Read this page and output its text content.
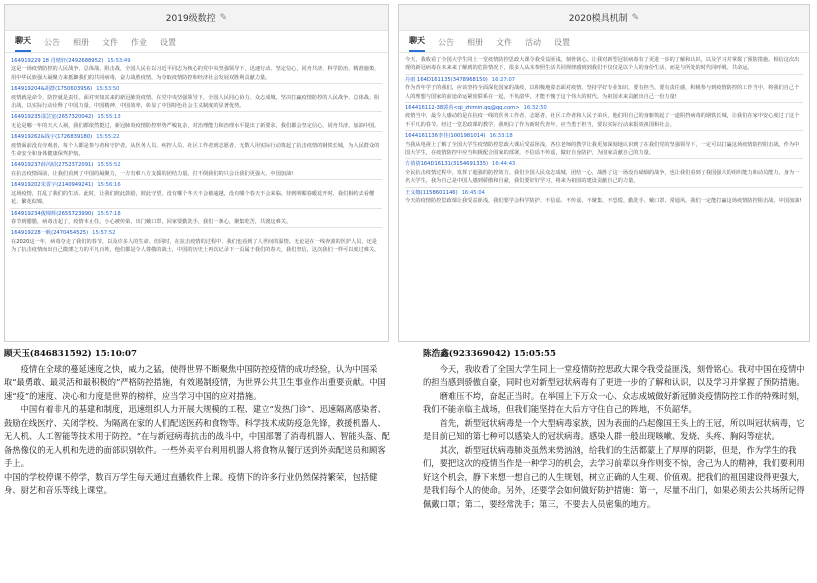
2019级数控 ✎
聊天 公告 相册 文件 作业 设置
164919229 18 肖晴轩(2492688952) 15:53:49
这是一场疫情防控的人民战争、总体战、阻击战，全国人民在以习近平同志为核心的党中央坚强领导下，迅速行动、坚定信心，同舟共济、科学防治、精准施策，用中华民族强大凝聚力来抵御我们的共同病毒，奋力战胜疫情，为夺取疫情防控和经济社会发展双胜利贡献力量。
164919204&胡群(1750603956) 15:53:50
疫情就是命令，防控就是责任。面对突如其来的新冠肺炎疫情，在党中央坚强领导下，全国人民同心协力、众志成城，坚决打赢疫情防控的人民战争、总体战、阻击战，以实际行动诠释了中国力量、中国精神、中国效率，彰显了中国特色社会主义制度的显著优势。
164919235邵芸宽(2657320042) 15:55:13
无论是哪一年的天大人祸，我们都依然挺过，新冠肺炎疫情防控形势严峻复杂，对治理能力和治理水平提出了新要求，我们都会坚定信心，同舟共济。加油中国。
164919262&钱宇(1726839180) 15:55:22
疫情面前没有旁观者，每个人都是参与者和守护者。从医务人员、疾控人员、社区工作者到志愿者，无数人用实际行动筑起了抗击疫情的钢铁长城，为人民群众的生命安全和身体健康保驾护航。
164919237薛芮昭(2752372091) 15:55:52
在抗击疫情面前，让我们看到了中国的凝聚力，一方有难八方支援的团结力量。打不倒我们的只会让我们更强大，中国加油!
164919202朱霄宇(2140949241) 15:56:16
这场疫情，打乱了我们的生活。此时，让我们彼此鼓励，彼此守望，没有哪个冬天不会被逾越，没有哪个春天不会来临。待到明媚春暖花开时，我们相约去看樱花、繁花似锦。
164919234俊锦辉(2655723990) 15:57:18
春节到腊腊，病毒击起了，疫情本止住。小心被传染，出门戴口罩，回家要勤洗手，我们一条心，聚集吃苦，共渡这难关。
164919228一帆(2470454525) 15:57:52
在2020这一年，病毒夺走了我们的春节，以及许多人的生命。但同时，在抗击疫情的过程中，我们也看到了人世间的温情。无论是在一线奔波的医护人员，还是为了抗击疫情而出自己微薄之力的平凡百姓，他们都是令人尊敬的战士，中国的历史上再次记录下一页属于我们的春天，我们坚信，这次我们一样可以度过难关。
2020模具机制 ✎
聊天 公告 相册 文件 活动 设置
今天，我收看了全国大学生同上一堂疫情防控思政大课令我受益匪浅，刻骨铭心。让我对新型冠状病毒有了更进一步的了解和认识，以及学习并掌握了预防措施。相信这次出现的新冠病毒在未来来了解到的危险情况下，很多人从未参照生活共同规律感到到我们不仅仅是以个人的身份生活，而是与所处的时代同呼吸、共命运。
丹雨 164D161135(3478968150) 16:27:07
作为青年学子的我们，应该坚持全面深化国家的战疫，以积极地姿态面对疫情，坚持学好专业知识，要有担当、要有责任感，积极参与到疫情防控的工作当中，将我们自己个人的理想与国家的前途命运紧密联系在一起，不负韶华，才能不愧于这个伟大的时代，为祖国未来贡献出自己一份力量!
164416112-38郭芮<qi_zhimin.qq@qq.com> 16:32:50
疫情当中，最令人感动的是在抗疫一线的医务工作者、志愿者、社区工作者和人民子弟兵，他们用自己的身躯筑起了一道阻挡病毒的钢铁长城，让我们在家中安心度过了这个不平凡的春节。经过一堂思政课的教学，我明白了作为新时代青年，应当勇于担当，要以实际行动来报效祖国和社会。
1644161136李佳(1001981014) 16:33:18
当我从电视上了解了全国大学生疫情防控思政大课后受益匪浅，各位老师的教学让我更加深刻地认识到了在我们党的坚强领导下，一定可以打赢这场疫情防控阻击战。作为中国大学生，在疫情防控中应当积极配合国家的部署，不信谣不传谣，做好自身防护，为国家贡献自己的力量。
方倩倩164D16131(3154691335) 16:44:43
全民抗击疫情过程中，发挥了超强的防控效力。我们全国人民众志成城，团结一心，战胜了这一场没有硝烟的战争，也让我们看到了我国强大的组织能力和动员能力，身为一名大学生，我为自己是中国人感到骄傲和自豪，我们要好好学习，将来为祖国的建设贡献自己的力量。
王义娜(1158601146) 16:45:04
今天的疫情防控思政课让我受益匪浅，我们要学会科学防护、不信谣、不传谣，不聚集、不恐慌、勤洗手、戴口罩、常通风，我们一定能打赢这场疫情防控阻击战，中国加油!
顾天玉(846831592) 15:10:07
疫情在全球的蔓延速度之快，威力之猛，使得世界不断聚焦中国防控疫情的成功经验，认为中国采取“最勇敢、最灵活和最积极的”严格防控措施，有效遏制疫情，为世界公共卫生事业作出重要贡献。中国速“疫”的速度、决心和力度是世界的榜样，应当学习中国的应对措施。
中国有着非凡的基建和制度，迅速组织人力开展大规模的工程、建立“发热门诊”、迅速隔离感染者、鼓励在线医疗、关闭学校、为隔离在家的人们配送医药和食物等。科学技术成防疫急先锋，救援机器人、无人机、人工智能等技术用于防控。“在与新冠病毒抗击的战斗中，中国部署了消毒机器人、智能头盔、配备热像仪的无人机和先进的面部识别软件。一些外卖平台利用机器人将食物从餐厅送到外卖配送员和顾客手上。
中国的学校停课不停学，数百万学生每天通过直播软件上课。疫情下的许多行业仍然保持繁荣，包括健身、厨艺和音乐等线上课堂。
陈浩鑫(923369042) 15:05:55
今天，我收看了全国大学生同上一堂疫情防控思政大课令我受益匪浅，刻骨铭心。我对中国在疫情中的担当感到骄傲自豪，同时也对新型冠状病毒有了更进一步的了解和认识，以及学习并掌握了预防措施。
磨难压不垮，奋起正当时。在举国上下万众一心、众志成城做好新冠肺炎疫情防控工作的特殊时刻，我们不能亲临主战场，但我们能坚持在大后方守住自己的阵地，不负韶华。
首先，新型冠状病毒是一个大型病毒家族，因为表面的凸起像国王头上的王冠，所以叫冠状病毒，它是目前已知的第七种可以感染人的冠状病毒。感染人群一般出现咳嗽、发烧、头疼、胸闷等症状。
其次，新型冠状病毒肺炎虽然来势汹汹，给我们的生活都蒙上了厚厚的阴影，但是，作为学生的我们，要把这次的疫情当作是一种学习的机会，去学习前辈以身作则变不惊，舍己为人的精神，我们要利用好这个机会，静下来想一想自己的人生规划，树立正确的人生观、价值观。把我们的祖国建设得更强大，是我们每个人的使命。另外，还要学会如何做好防护措施：第一，尽量不出门，如果必须去公共场所记得佩戴口罩；第二，要经常洗手；第三，不要去人员密集的地方。
